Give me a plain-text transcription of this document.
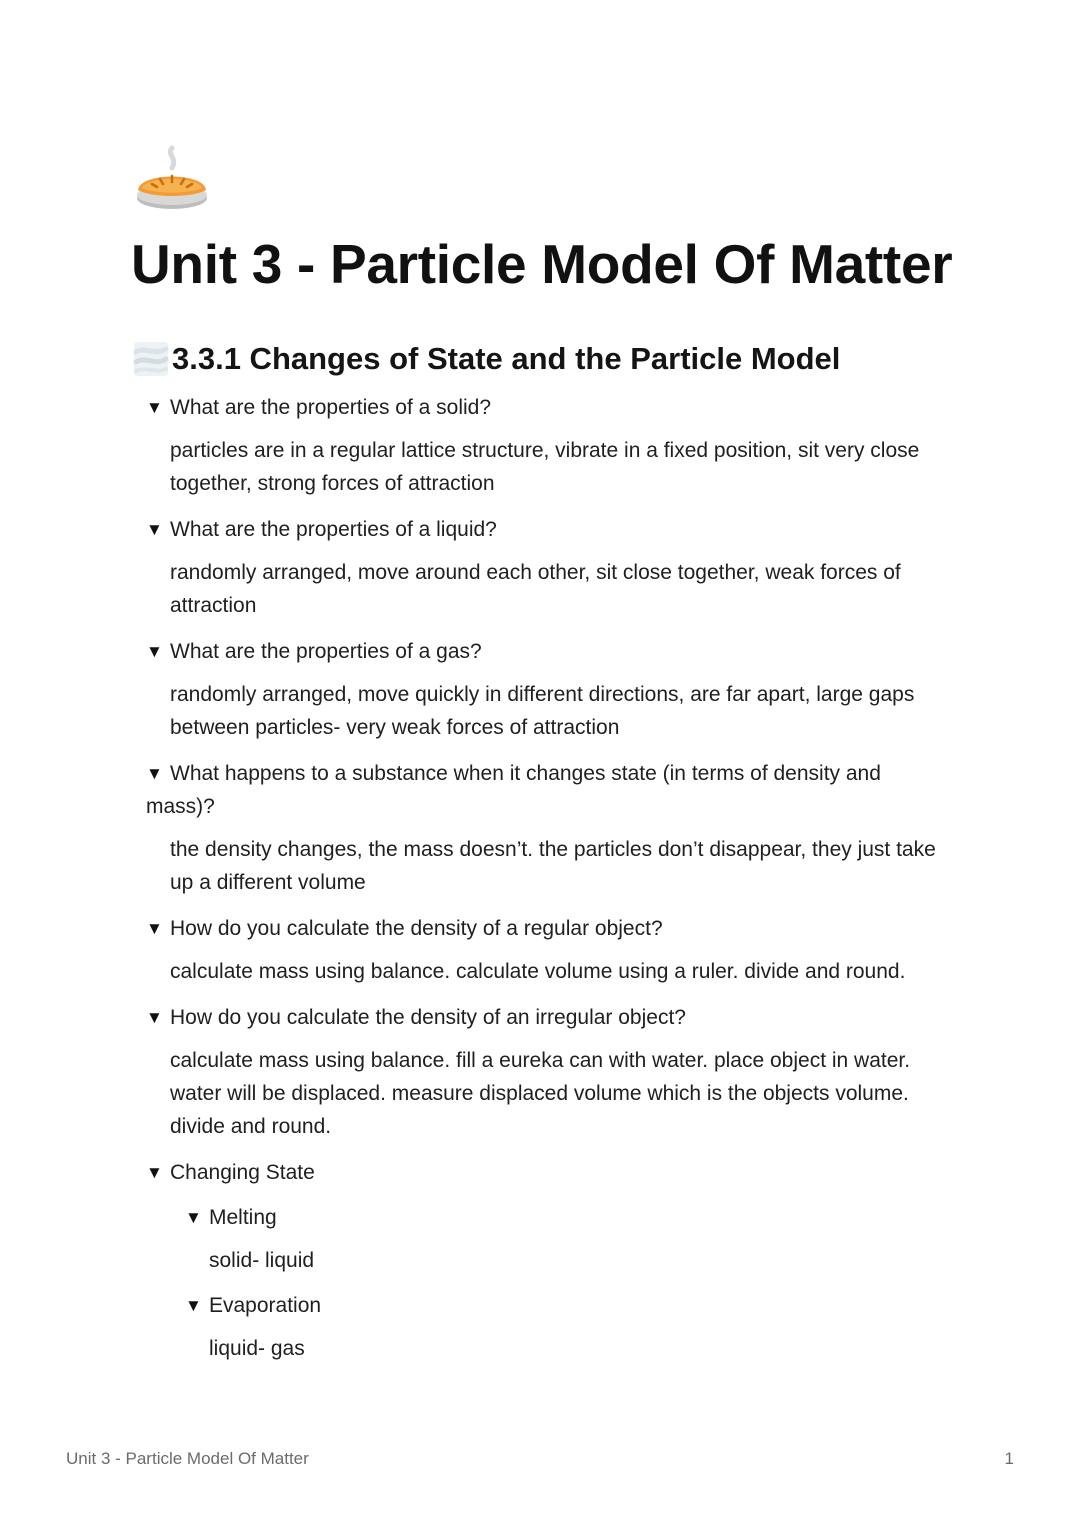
Unit 3 - Particle Model Of Matter
3.3.1 Changes of State and the Particle Model
▼ What are the properties of a solid?
particles are in a regular lattice structure, vibrate in a fixed position, sit very close together, strong forces of attraction
▼ What are the properties of a liquid?
randomly arranged, move around each other, sit close together, weak forces of attraction
▼ What are the properties of a gas?
randomly arranged, move quickly in different directions, are far apart, large gaps between particles- very weak forces of attraction
▼ What happens to a substance when it changes state (in terms of density and mass)?
the density changes, the mass doesn’t. the particles don’t disappear, they just take up a different volume
▼ How do you calculate the density of a regular object?
calculate mass using balance. calculate volume using a ruler. divide and round.
▼ How do you calculate the density of an irregular object?
calculate mass using balance. fill a eureka can with water. place object in water. water will be displaced. measure displaced volume which is the objects volume. divide and round.
▼ Changing State
▼ Melting
solid- liquid
▼ Evaporation
liquid- gas
Unit 3 - Particle Model Of Matter	1
